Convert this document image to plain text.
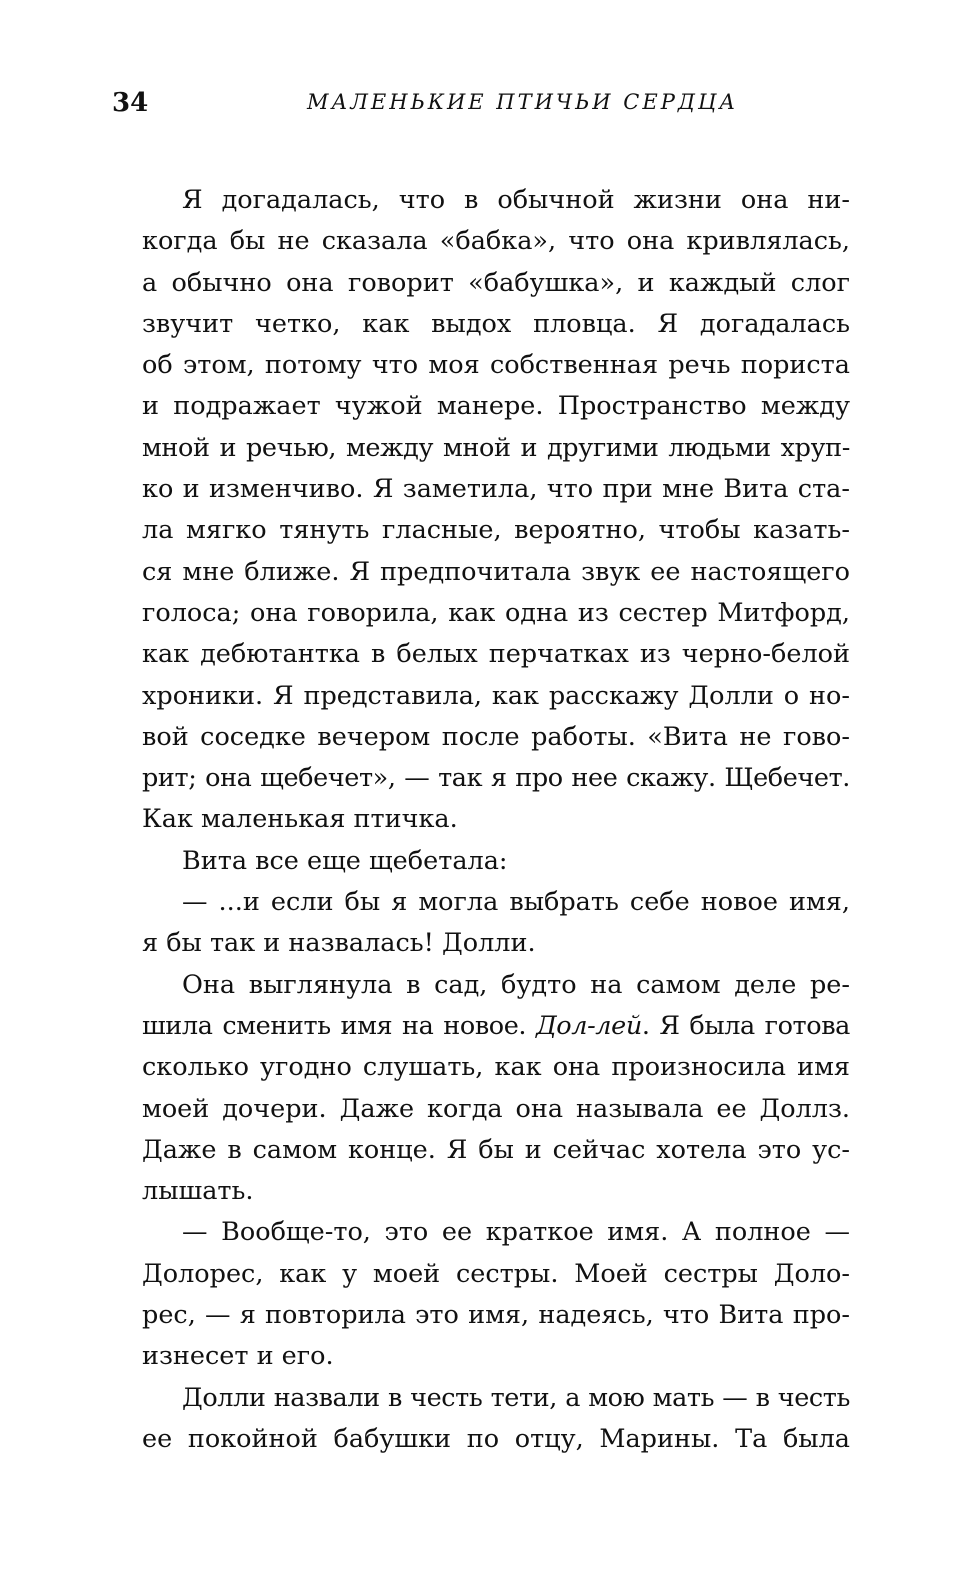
34	МАЛЕНЬКИЕ ПТИЧЬИ СЕРДЦА
Я догадалась, что в обычной жизни она ни-
когда бы не сказала «бабка», что она кривлялась,
а обычно она говорит «бабушка», и каждый слог
звучит четко, как выдох пловца. Я догадалась
об этом, потому что моя собственная речь пориста
и подражает чужой манере. Пространство между
мной и речью, между мной и другими людьми хруп-
ко и изменчиво. Я заметила, что при мне Вита ста-
ла мягко тянуть гласные, вероятно, чтобы казать-
ся мне ближе. Я предпочитала звук ее настоящего
голоса; она говорила, как одна из сестер Митфорд,
как дебютантка в белых перчатках из черно-белой
хроники. Я представила, как расскажу Долли о но-
вой соседке вечером после работы. «Вита не гово-
рит; она щебечет», — так я про нее скажу. Щебечет.
Как маленькая птичка.
Вита все еще щебетала:
— ...и если бы я могла выбрать себе новое имя,
я бы так и назвалась! Долли.
Она выглянула в сад, будто на самом деле ре-
шила сменить имя на новое. Дол-лей. Я была готова
сколько угодно слушать, как она произносила имя
моей дочери. Даже когда она называла ее Доллз.
Даже в самом конце. Я бы и сейчас хотела это ус-
лышать.
— Вообще-то, это ее краткое имя. А полное —
Долорес, как у моей сестры. Моей сестры Доло-
рес, — я повторила это имя, надеясь, что Вита про-
изнесет и его.
Долли назвали в честь тети, а мою мать — в честь
ее покойной бабушки по отцу, Марины. Та была
